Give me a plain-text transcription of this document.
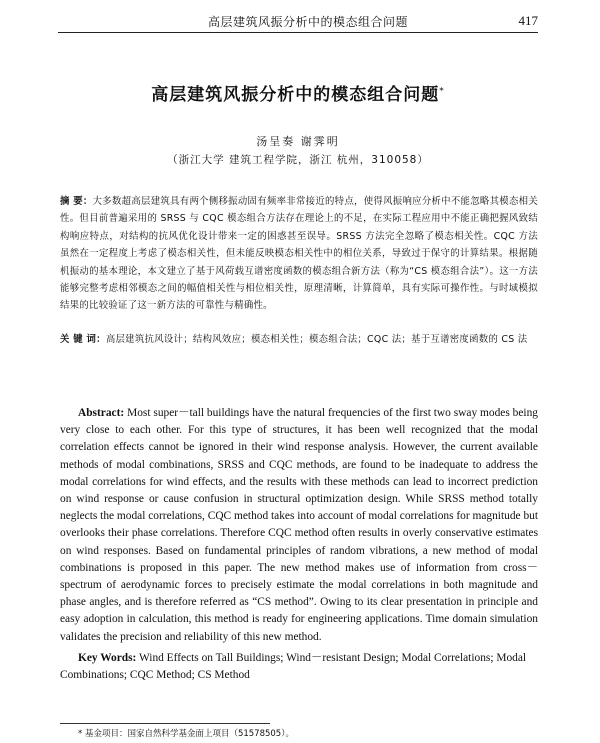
高层建筑风振分析中的模态组合问题	417
高层建筑风振分析中的模态组合问题*
汤呈奏 谢霁明
（浙江大学 建筑工程学院，浙江 杭州，310058）
摘 要：大多数超高层建筑具有两个侧移振动固有频率非常接近的特点，使得风振响应分析中不能忽略其模态相关性。但目前普遍采用的 SRSS 与 CQC 模态组合方法存在理论上的不足，在实际工程应用中不能正确把握风致结构响应特点，对结构的抗风优化设计带来一定的困惑甚至误导。SRSS 方法完全忽略了模态相关性。CQC 方法虽然在一定程度上考虑了模态相关性，但未能反映模态相关性中的相位关系，导致过于保守的计算结果。根据随机振动的基本理论，本文建立了基于风荷载互谱密度函数的模态组合新方法（称为“CS 模态组合法”）。这一方法能够完整考虑相邻模态之间的幅值相关性与相位相关性，原理清晰，计算简单，具有实际可操作性。与时域模拟结果的比较验证了这一新方法的可靠性与精确性。
关 键 词：高层建筑抗风设计；结构风效应；模态相关性；模态组合法；CQC 法；基于互谱密度函数的 CS 法
Abstract: Most super－tall buildings have the natural frequencies of the first two sway modes being very close to each other. For this type of structures, it has been well recognized that the modal correlation effects cannot be ignored in their wind response analysis. However, the current available methods of modal combinations, SRSS and CQC methods, are found to be inadequate to address the modal correlations for wind effects, and the results with these methods can lead to incorrect prediction on wind response or cause confusion in structural optimization design. While SRSS method totally neglects the modal correlations, CQC method takes into account of modal correlations for magnitude but overlooks their phase correlations. Therefore CQC method often results in overly conservative estimates on wind responses. Based on fundamental principles of random vibrations, a new method of modal combinations is proposed in this paper. The new method makes use of information from cross－spectrum of aerodynamic forces to precisely estimate the modal correlations in both magnitude and phase angles, and is therefore referred as “CS method”. Owing to its clear presentation in principle and easy adoption in calculation, this method is ready for engineering applications. Time domain simulation validates the precision and reliability of this new method.
Key Words: Wind Effects on Tall Buildings; Wind－resistant Design; Modal Correlations; Modal Combinations; CQC Method; CS Method
* 基金项目：国家自然科学基金面上项目（51578505）。
